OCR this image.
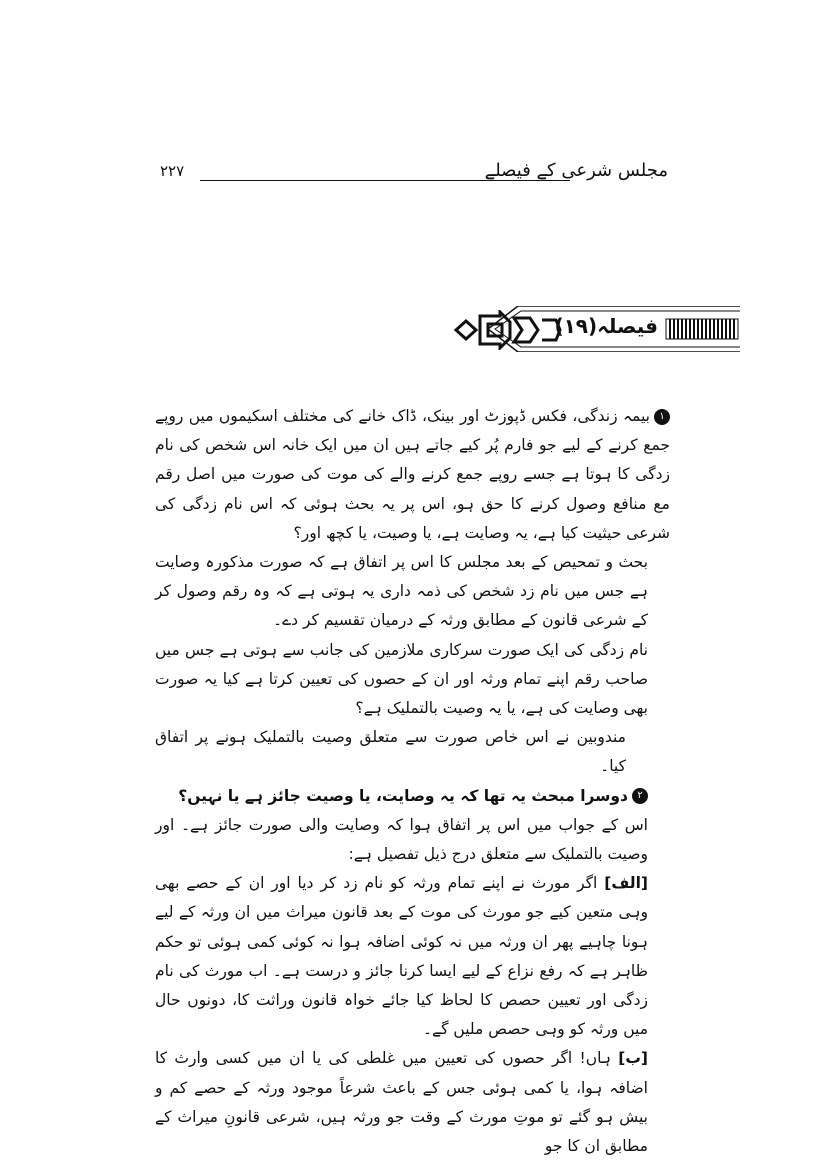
مجلس شرعی کے فیصلے
۲۲۷
فیصلہ(۱۹)

۱بیمہ زندگی، فکس ڈپوزٹ اور بینک، ڈاک خانے کی مختلف اسکیموں میں روپے جمع کرنے کے لیے جو فارم پُر کیے جاتے ہیں ان میں ایک خانہ اس شخص کی نام زدگی کا ہوتا ہے جسے روپے جمع کرنے والے کی موت کی صورت میں اصل رقم مع منافع وصول کرنے کا حق ہو، اس پر یہ بحث ہوئی کہ اس نام زدگی کی شرعی حیثیت کیا ہے، یہ وصایت ہے، یا وصیت، یا کچھ اور؟

بحث و تمحیص کے بعد مجلس کا اس پر اتفاق ہے کہ صورت مذکورہ وصایت ہے جس میں نام زد شخص کی ذمہ داری یہ ہوتی ہے کہ وہ رقم وصول کر کے شرعی قانون کے مطابق ورثہ کے درمیان تقسیم کر دے۔

نام زدگی کی ایک صورت سرکاری ملازمین کی جانب سے ہوتی ہے جس میں صاحب رقم اپنے تمام ورثہ اور ان کے حصوں کی تعیین کرتا ہے کیا یہ صورت بھی وصایت کی ہے، یا یہ وصیت بالتملیک ہے؟

مندوبین نے اس خاص صورت سے متعلق وصیت بالتملیک ہونے پر اتفاق کیا۔

۲دوسرا مبحث یہ تھا کہ یہ وصایت، یا وصیت جائز ہے یا نہیں؟

اس کے جواب میں اس پر اتفاق ہوا کہ وصایت والی صورت جائز ہے۔ اور وصیت بالتملیک سے متعلق درج ذیل تفصیل ہے:

[الف] اگر مورث نے اپنے تمام ورثہ کو نام زد کر دیا اور ان کے حصے بھی وہی متعین کیے جو مورث کی موت کے بعد قانون میراث میں ان ورثہ کے لیے ہونا چاہیے پھر ان ورثہ میں نہ کوئی اضافہ ہوا نہ کوئی کمی ہوئی تو حکم ظاہر ہے کہ رفع نزاع کے لیے ایسا کرنا جائز و درست ہے۔ اب مورث کی نام زدگی اور تعیین حصص کا لحاظ کیا جائے خواہ قانون وراثت کا، دونوں حال میں ورثہ کو وہی حصص ملیں گے۔

[ب] ہاں! اگر حصوں کی تعیین میں غلطی کی یا ان میں کسی وارث کا اضافہ ہوا، یا کمی ہوئی جس کے باعث شرعاً موجود ورثہ کے حصے کم و بیش ہو گئے تو موتِ مورث کے وقت جو ورثہ ہیں، شرعی قانونِ میراث کے مطابق ان کا جو
